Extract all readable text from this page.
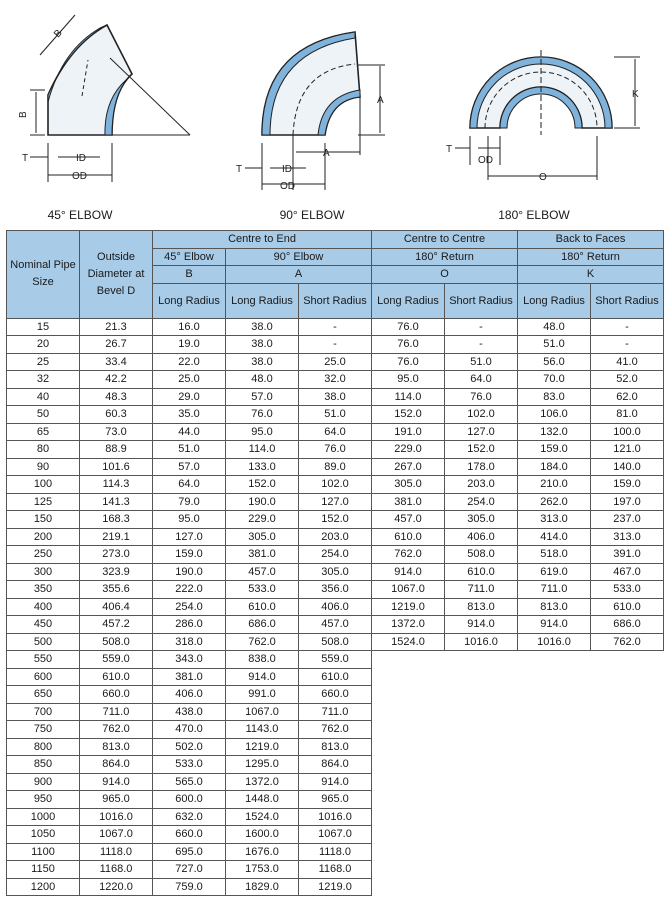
B
B
T	ID
OD
A
A
T	ID
OD
K
T
OD
O
45° ELBOW	90° ELBOW	180° ELBOW
Nominal Pipe Size	Outside Diameter at Bevel D	Centre to End			Centre to Centre		Back to Faces	
		45° Elbow	90° Elbow		180° Return		180° Return	
		B	A		O		K	
		Long Radius	Long Radius	Short Radius	Long Radius	Short Radius	Long Radius	Short Radius
15	21.3	16.0	38.0	-	76.0	-	48.0	-
20	26.7	19.0	38.0	-	76.0	-	51.0	-
25	33.4	22.0	38.0	25.0	76.0	51.0	56.0	41.0
32	42.2	25.0	48.0	32.0	95.0	64.0	70.0	52.0
40	48.3	29.0	57.0	38.0	114.0	76.0	83.0	62.0
50	60.3	35.0	76.0	51.0	152.0	102.0	106.0	81.0
65	73.0	44.0	95.0	64.0	191.0	127.0	132.0	100.0
80	88.9	51.0	114.0	76.0	229.0	152.0	159.0	121.0
90	101.6	57.0	133.0	89.0	267.0	178.0	184.0	140.0
100	114.3	64.0	152.0	102.0	305.0	203.0	210.0	159.0
125	141.3	79.0	190.0	127.0	381.0	254.0	262.0	197.0
150	168.3	95.0	229.0	152.0	457.0	305.0	313.0	237.0
200	219.1	127.0	305.0	203.0	610.0	406.0	414.0	313.0
250	273.0	159.0	381.0	254.0	762.0	508.0	518.0	391.0
300	323.9	190.0	457.0	305.0	914.0	610.0	619.0	467.0
350	355.6	222.0	533.0	356.0	1067.0	711.0	711.0	533.0
400	406.4	254.0	610.0	406.0	1219.0	813.0	813.0	610.0
450	457.2	286.0	686.0	457.0	1372.0	914.0	914.0	686.0
500	508.0	318.0	762.0	508.0	1524.0	1016.0	1016.0	762.0
550	559.0	343.0	838.0	559.0				
600	610.0	381.0	914.0	610.0				
650	660.0	406.0	991.0	660.0				
700	711.0	438.0	1067.0	711.0				
750	762.0	470.0	1143.0	762.0				
800	813.0	502.0	1219.0	813.0				
850	864.0	533.0	1295.0	864.0				
900	914.0	565.0	1372.0	914.0				
950	965.0	600.0	1448.0	965.0				
1000	1016.0	632.0	1524.0	1016.0				
1050	1067.0	660.0	1600.0	1067.0				
1100	1118.0	695.0	1676.0	1118.0				
1150	1168.0	727.0	1753.0	1168.0				
1200	1220.0	759.0	1829.0	1219.0				
